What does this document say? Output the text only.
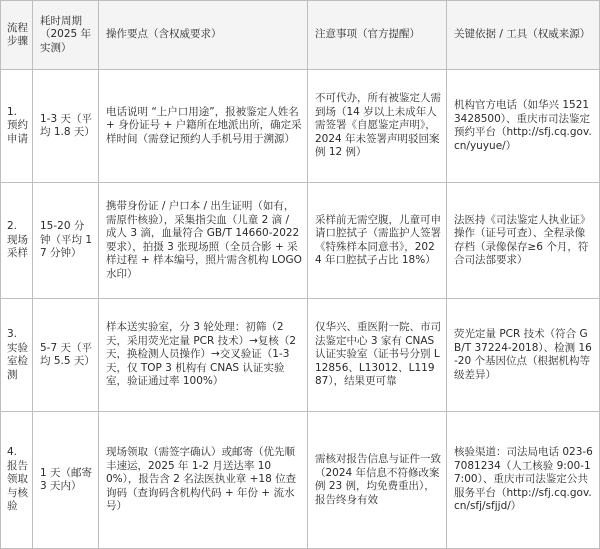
流程步骤	耗时周期（2025 年实测）	操作要点（含权威要求）	注意事项（官方提醒）	关键依据 / 工具（权威来源）
1. 预约申请	1-3 天（平均 1.8 天）	电话说明 “上户口用途”，报被鉴定人姓名 + 身份证号 + 户籍所在地派出所，确定采样时间（需登记预约人手机号用于溯源）	不可代办，所有被鉴定人需到场（14 岁以上未成年人需签署《自愿鉴定声明》，2024 年未签署声明驳回案例 12 例）	机构官方电话（如华兴 15213428500）、重庆市司法鉴定预约平台（http://sfj.cq.gov.cn/yuyue/）
2. 现场采样	15-20 分钟（平均 17 分钟）	携带身份证 / 户口本 / 出生证明（如有，需原件核验），采集指尖血（儿童 2 滴 / 成人 3 滴，血量符合 GB/T 14660-2022 要求），拍摄 3 张现场照（全员合影 + 采样过程 + 样本编号，照片需含机构 LOGO 水印）	采样前无需空腹，儿童可申请口腔拭子（需监护人签署《特殊样本同意书》，2024 年口腔拭子占比 18%）	法医持《司法鉴定人执业证》操作（证号可查）、全程录像存档（录像保存≥6 个月，符合司法部要求）
3. 实验室检测	5-7 天（平均 5.5 天）	样本送实验室，分 3 轮处理：初筛（2 天，采用荧光定量 PCR 技术）→复核（2 天，换检测人员操作）→交叉验证（1-3 天，仅 TOP 3 机构有 CNAS 认证实验室，验证通过率 100%）	仅华兴、重医附一院、市司法鉴定中心 3 家有 CNAS 认证实验室（证书号分别 L12856、L13012、L11987），结果更可靠	荧光定量 PCR 技术（符合 GB/T 37224-2018）、检测 16-20 个基因位点（根据机构等级差异）
4. 报告领取与核验	1 天（邮寄 3 天内）	现场领取（需签字确认）或邮寄（优先顺丰速运，2025 年 1-2 月送达率 100%），报告含 2 名法医执业章 +18 位查询码（查询码含机构代码 + 年份 + 流水号）	需核对报告信息与证件一致（2024 年信息不符修改案例 23 例，均免费重出），报告终身有效	核验渠道：司法局电话 023-67081234（人工核验 9:00-17:00）、重庆市司法鉴定公共服务平台（http://sfj.cq.gov.cn/sfj/sfjjd/）
